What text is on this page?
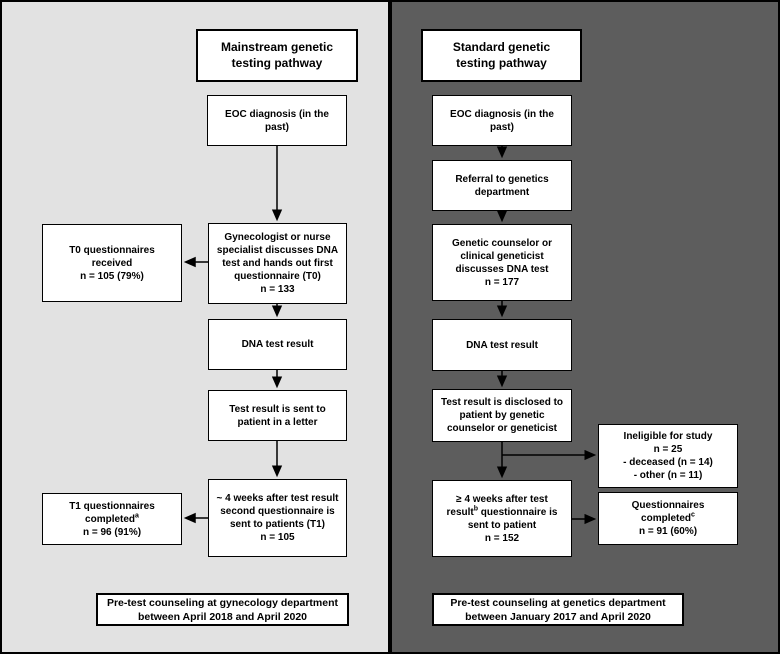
Mainstream genetic
testing pathway
EOC diagnosis (in the
past)
T0 questionnaires
received
n = 105 (79%)
Gynecologist or nurse
specialist discusses DNA
test and hands out first
questionnaire (T0)
n = 133
DNA test result
Test result is sent to
patient in a letter
~ 4 weeks after test result
second questionnaire is
sent to patients (T1)
n = 105
T1 questionnaires
completed$^a$
n = 96 (91%)
Pre-test counseling at gynecology department
between April 2018 and April 2020
Standard genetic
testing pathway
EOC diagnosis (in the
past)
Referral to genetics
department
Genetic counselor or
clinical geneticist
discusses DNA test
n = 177
DNA test result
Test result is disclosed to
patient by genetic
counselor or geneticist
Ineligible for study
n = 25
- deceased (n = 14)
- other (n = 11)
≥ 4 weeks after test
result$^b$ questionnaire is
sent to patient
n = 152
Questionnaires
completed$^c$
n = 91 (60%)
Pre-test counseling at genetics department
between January 2017 and April 2020
